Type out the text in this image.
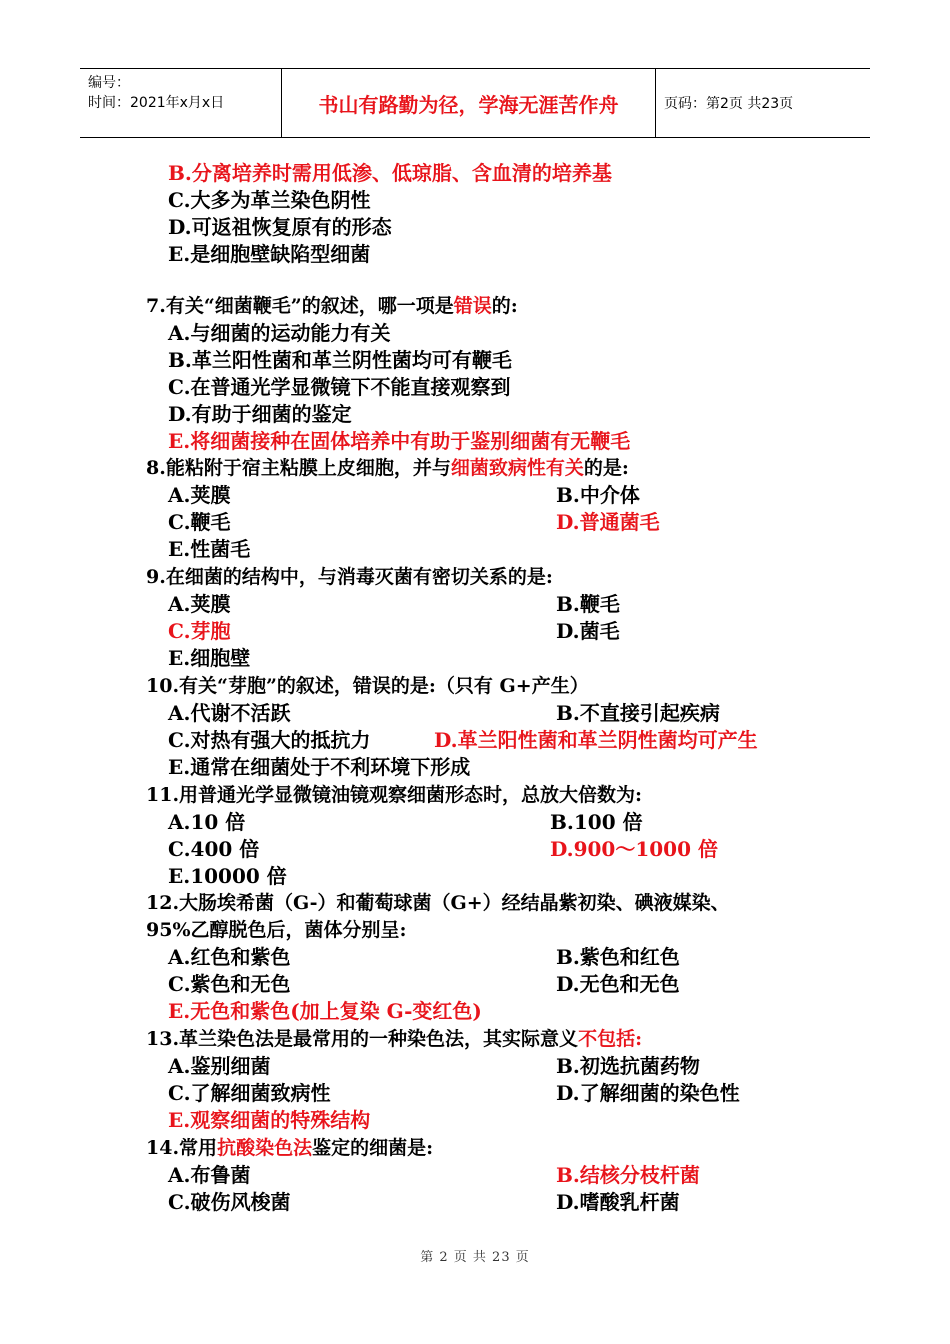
编号：
时间：2021年x月x日	书山有路勤为径，学海无涯苦作舟	页码：第2页 共23页
B.分离培养时需用低渗、低琼脂、含血清的培养基
C.大多为革兰染色阴性
D.可返祖恢复原有的形态
E.是细胞壁缺陷型细菌
7.有关“细菌鞭毛”的叙述，哪一项是错误的:
A.与细菌的运动能力有关
B.革兰阳性菌和革兰阴性菌均可有鞭毛
C.在普通光学显微镜下不能直接观察到
D.有助于细菌的鉴定
E.将细菌接种在固体培养中有助于鉴别细菌有无鞭毛
8.能粘附于宿主粘膜上皮细胞，并与细菌致病性有关的是:
A.荚膜	B.中介体
C.鞭毛	D.普通菌毛
E.性菌毛
9.在细菌的结构中，与消毒灭菌有密切关系的是:
A.荚膜	B.鞭毛
C.芽胞	D.菌毛
E.细胞壁
10.有关“芽胞”的叙述，错误的是:（只有 G+产生）
A.代谢不活跃	B.不直接引起疾病
C.对热有强大的抵抗力	D.革兰阳性菌和革兰阴性菌均可产生
E.通常在细菌处于不利环境下形成
11.用普通光学显微镜油镜观察细菌形态时，总放大倍数为:
A.10 倍	B.100 倍
C.400 倍	D.900～1000 倍
E.10000 倍
12.大肠埃希菌（G-）和葡萄球菌（G+）经结晶紫初染、碘液媒染、
95%乙醇脱色后，菌体分别呈:
A.红色和紫色	B.紫色和红色
C.紫色和无色	D.无色和无色
E.无色和紫色(加上复染 G-变红色)
13.革兰染色法是最常用的一种染色法，其实际意义不包括:
A.鉴别细菌	B.初选抗菌药物
C.了解细菌致病性	D.了解细菌的染色性
E.观察细菌的特殊结构
14.常用抗酸染色法鉴定的细菌是:
A.布鲁菌	B.结核分枝杆菌
C.破伤风梭菌	D.嗜酸乳杆菌
第 2 页 共 23 页
